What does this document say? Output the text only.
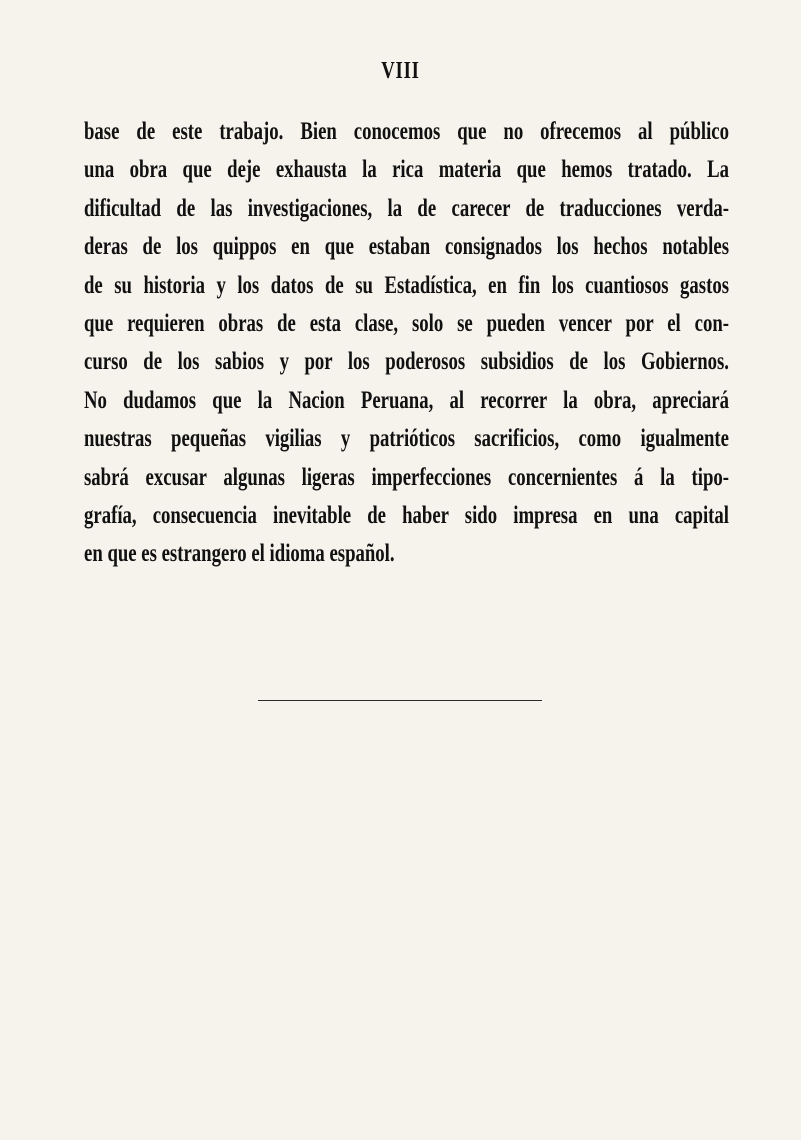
VIII
base de este trabajo. Bien conocemos que no ofrecemos al público
una obra que deje exhausta la rica materia que hemos tratado. La
dificultad de las investigaciones, la de carecer de traducciones verda-
deras de los quippos en que estaban consignados los hechos notables
de su historia y los datos de su Estadística, en fin los cuantiosos gastos
que requieren obras de esta clase, solo se pueden vencer por el con-
curso de los sabios y por los poderosos subsidios de los Gobiernos.
No dudamos que la Nacion Peruana, al recorrer la obra, apreciará
nuestras pequeñas vigilias y patrióticos sacrificios, como igualmente
sabrá excusar algunas ligeras imperfecciones concernientes á la tipo-
grafía, consecuencia inevitable de haber sido impresa en una capital
en que es estrangero el idioma español.
